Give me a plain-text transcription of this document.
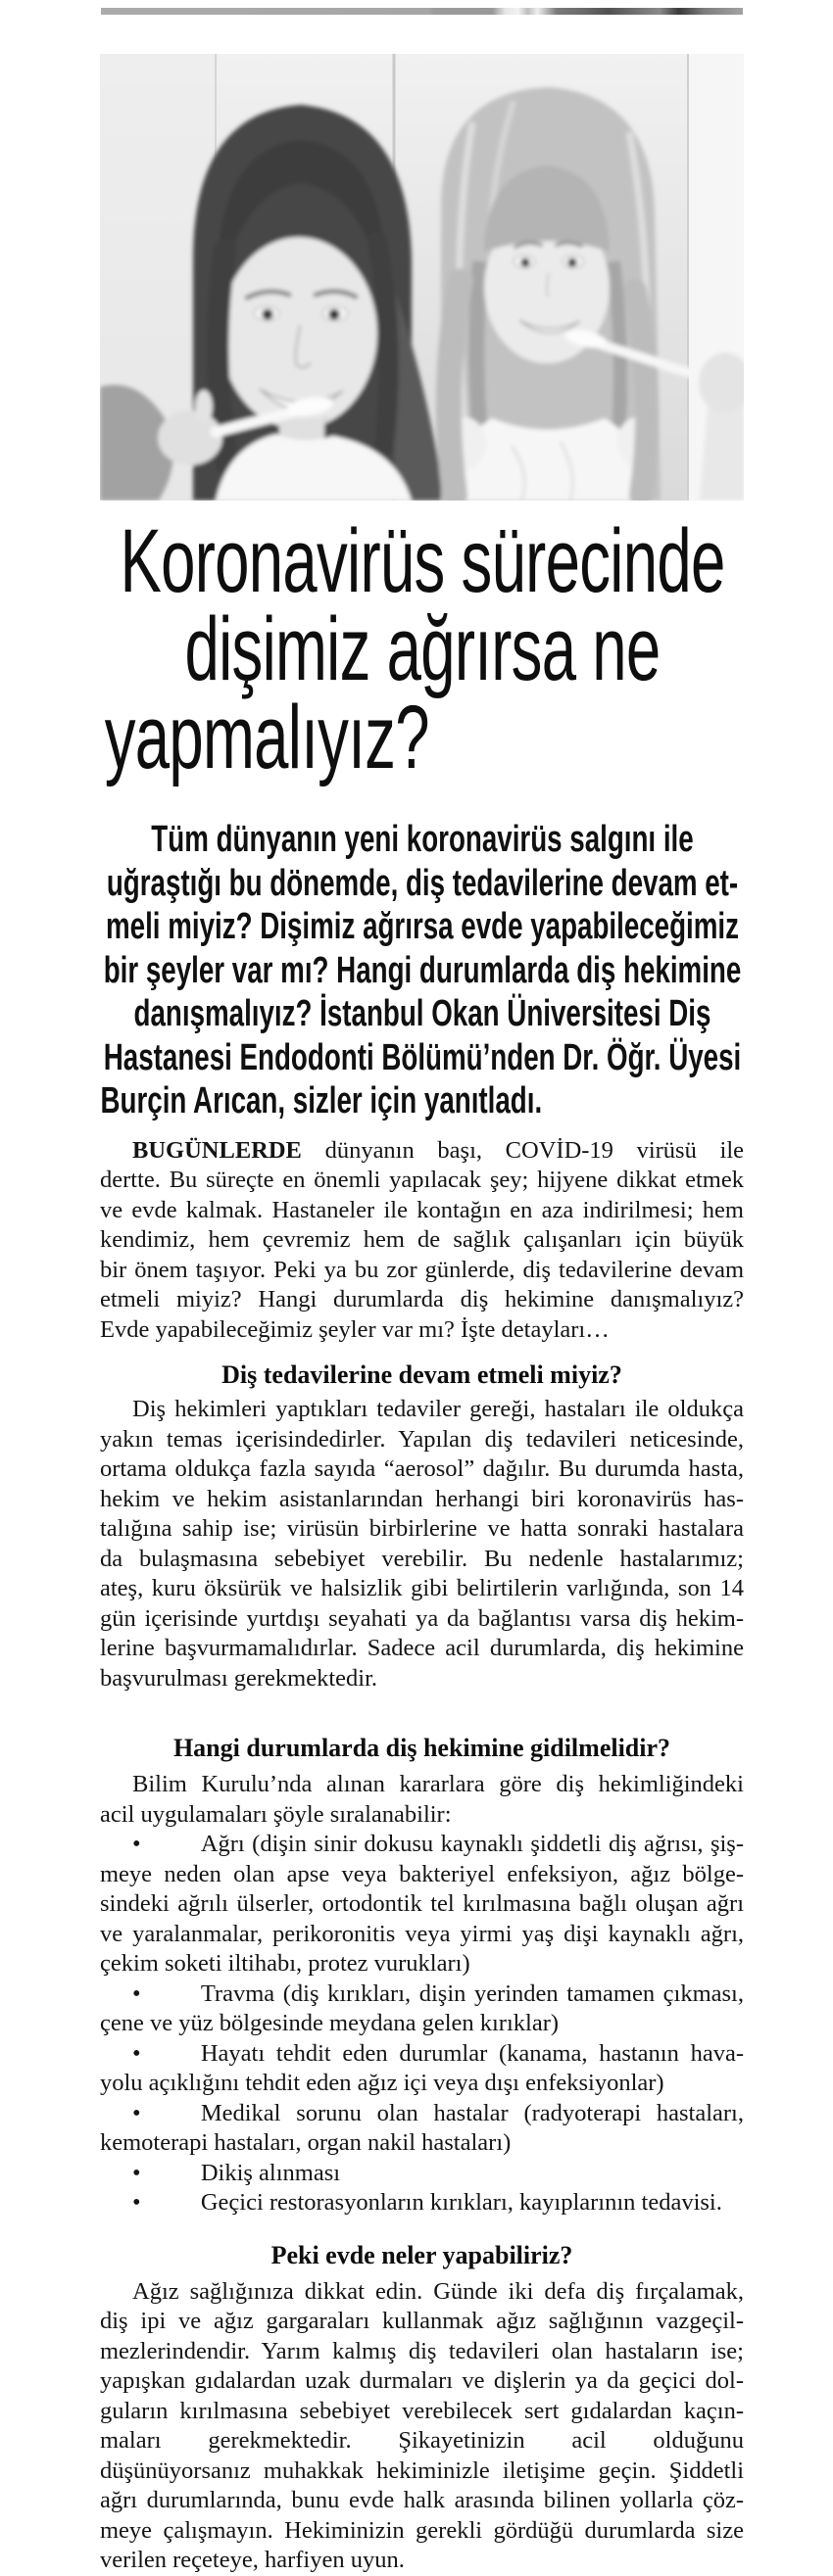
Koronavirüs sürecinde
dişimiz ağrırsa ne
yapmalıyız?
Tüm dünyanın yeni koronavirüs salgını ile
uğraştığı bu dönemde, diş tedavilerine devam et-
meli miyiz? Dişimiz ağrırsa evde yapabileceğimiz
bir şeyler var mı? Hangi durumlarda diş hekimine
danışmalıyız? İstanbul Okan Üniversitesi Diş
Hastanesi Endodonti Bölümü’nden Dr. Öğr. Üyesi
Burçin Arıcan, sizler için yanıtladı.
BUGÜNLERDE dünyanın başı, COVİD-19 virüsü ile
dertte. Bu süreçte en önemli yapılacak şey; hijyene dikkat etmek
ve evde kalmak. Hastaneler ile kontağın en aza indirilmesi; hem
kendimiz, hem çevremiz hem de sağlık çalışanları için büyük
bir önem taşıyor. Peki ya bu zor günlerde, diş tedavilerine devam
etmeli miyiz? Hangi durumlarda diş hekimine danışmalıyız?
Evde yapabileceğimiz şeyler var mı? İşte detayları…
Diş tedavilerine devam etmeli miyiz?
Diş hekimleri yaptıkları tedaviler gereği, hastaları ile oldukça
yakın temas içerisindedirler. Yapılan diş tedavileri neticesinde,
ortama oldukça fazla sayıda “aerosol” dağılır. Bu durumda hasta,
hekim ve hekim asistanlarından herhangi biri koronavirüs has-
talığına sahip ise; virüsün birbirlerine ve hatta sonraki hastalara
da bulaşmasına sebebiyet verebilir. Bu nedenle hastalarımız;
ateş, kuru öksürük ve halsizlik gibi belirtilerin varlığında, son 14
gün içerisinde yurtdışı seyahati ya da bağlantısı varsa diş hekim-
lerine başvurmamalıdırlar. Sadece acil durumlarda, diş hekimine
başvurulması gerekmektedir.
Hangi durumlarda diş hekimine gidilmelidir?
Bilim Kurulu’nda alınan kararlara göre diş hekimliğindeki
acil uygulamaları şöyle sıralanabilir:
•   Ağrı (dişin sinir dokusu kaynaklı şiddetli diş ağrısı, şiş-
meye neden olan apse veya bakteriyel enfeksiyon, ağız bölge-
sindeki ağrılı ülserler, ortodontik tel kırılmasına bağlı oluşan ağrı
ve yaralanmalar, perikoronitis veya yirmi yaş dişi kaynaklı ağrı,
çekim soketi iltihabı, protez vurukları)
•   Travma (diş kırıkları, dişin yerinden tamamen çıkması,
çene ve yüz bölgesinde meydana gelen kırıklar)
•   Hayatı tehdit eden durumlar (kanama, hastanın hava-
yolu açıklığını tehdit eden ağız içi veya dışı enfeksiyonlar)
•   Medikal sorunu olan hastalar (radyoterapi hastaları,
kemoterapi hastaları, organ nakil hastaları)
•   Dikiş alınması
•   Geçici restorasyonların kırıkları, kayıplarının tedavisi.
Peki evde neler yapabiliriz?
Ağız sağlığınıza dikkat edin. Günde iki defa diş fırçalamak,
diş ipi ve ağız gargaraları kullanmak ağız sağlığının vazgeçil-
mezlerindendir. Yarım kalmış diş tedavileri olan hastaların ise;
yapışkan gıdalardan uzak durmaları ve dişlerin ya da geçici dol-
guların kırılmasına sebebiyet verebilecek sert gıdalardan kaçın-
maları gerekmektedir. Şikayetinizin acil olduğunu
düşünüyorsanız muhakkak hekiminizle iletişime geçin. Şiddetli
ağrı durumlarında, bunu evde halk arasında bilinen yollarla çöz-
meye çalışmayın. Hekiminizin gerekli gördüğü durumlarda size
verilen reçeteye, harfiyen uyun.
